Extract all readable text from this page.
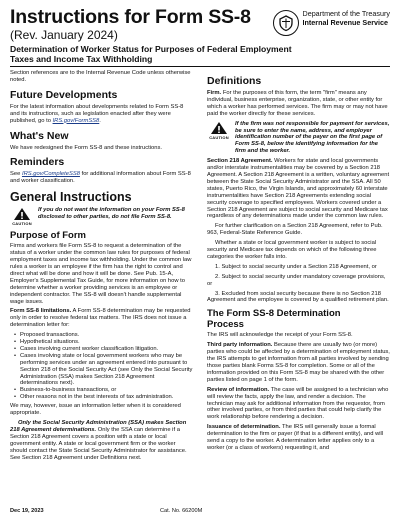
Instructions for Form SS-8
(Rev. January 2024)
Determination of Worker Status for Purposes of Federal Employment Taxes and Income Tax Withholding
Department of the Treasury
Internal Revenue Service

Section references are to the Internal Revenue Code unless otherwise noted.

Future Developments

For the latest information about developments related to Form SS-8 and its instructions, such as legislation enacted after they were published, go to IRS.gov/FormSS8.

What's New

We have redesigned the Form SS-8 and these instructions.

Reminders

See IRS.gov/CompleteSS8 for additional information about Form SS-8 and worker classification.

General Instructions
CAUTION

If you do not want the information on your Form SS-8 disclosed to other parties, do not file Form SS-8.

Purpose of Form

Firms and workers file Form SS-8 to request a determination of the status of a worker under the common law rules for purposes of federal employment taxes and income tax withholding. Under the common law rules a worker is an employee if the firm has the right to control and direct what will be done and how it will be done. See Pub. 15-A, Employer's Supplemental Tax Guide, for more information on how to determine whether a worker providing services is an employee or independent contractor. The SS-8 will doesn't handle supplemental wage issues.

Form SS-8 limitations. A Form SS-8 determination may be requested only in order to resolve federal tax matters. The IRS does not issue a determination letter for:

• Proposed transactions.
• Hypothetical situations.
• Cases involving current worker classification litigation.
• Cases involving state or local government workers who may be performing services under an agreement entered into pursuant to Section 218 of the Social Security Act (see Only the Social Security Administration (SSA) makes Section 218 Agreement determinations next).
• Business-to-business transactions, or
• Other reasons not in the best interests of tax administration.

We may, however, issue an information letter when it is considered appropriate.

Only the Social Security Administration (SSA) makes Section 218 Agreement determinations. Only the SSA can determine if a Section 218 Agreement covers a position with a state or local government entity. A state or local government firm or the worker should contact the State Social Security Administrator for assistance. See Section 218 Agreement under Definitions next.

Definitions

Firm. For the purposes of this form, the term "firm" means any individual, business enterprise, organization, state, or other entity for which a worker has performed services. The firm may or may not have paid the worker directly for these services.

CAUTION

If the firm was not responsible for payment for services, be sure to enter the name, address, and employer identification number of the payer on the first page of Form SS-8, below the identifying information for the firm and the worker.

Section 218 Agreement. Workers for state and local governments and/or interstate instrumentalities may be covered by a Section 218 Agreement. A Section 218 Agreement is a written, voluntary agreement between the State Social Security Administrator and the SSA. All 50 states, Puerto Rico, the Virgin Islands, and approximately 60 interstate instrumentalities have Section 218 Agreements extending social security coverage to specified employees. Workers covered under a Section 218 Agreement are subject to social security and Medicare tax regardless of any determinations made under the common law rules.

For further clarification on a Section 218 Agreement, refer to Pub. 963, Federal-State Reference Guide.

Whether a state or local government worker is subject to social security and Medicare tax depends on which of the following three categories the worker falls into.

1. Subject to social security under a Section 218 Agreement, or

2. Subject to social security under mandatory coverage provisions, or

3. Excluded from social security because there is no Section 218 Agreement and the employee is covered by a qualified retirement plan.

The Form SS-8 Determination Process

The IRS will acknowledge the receipt of your Form SS-8.

Third party information. Because there are usually two (or more) parties who could be affected by a determination of employment status, the IRS attempts to get information from all parties involved by sending those parties blank Forms SS-8 for completion. Some or all of the information provided on this Form SS-8 may be shared with the other parties listed on page 1 of the form.

Review of information. The case will be assigned to a technician who will review the facts, apply the law, and render a decision. The technician may ask for additional information from the requestor, from other involved parties, or from third parties that could help clarify the work relationship before rendering a decision.

Issuance of determination. The IRS will generally issue a formal determination to the firm or payer (if that is a different entity), and will send a copy to the worker. A determination letter applies only to a worker (or a class of workers) requesting it, and

Dec 19, 2023	Cat. No. 66200M
